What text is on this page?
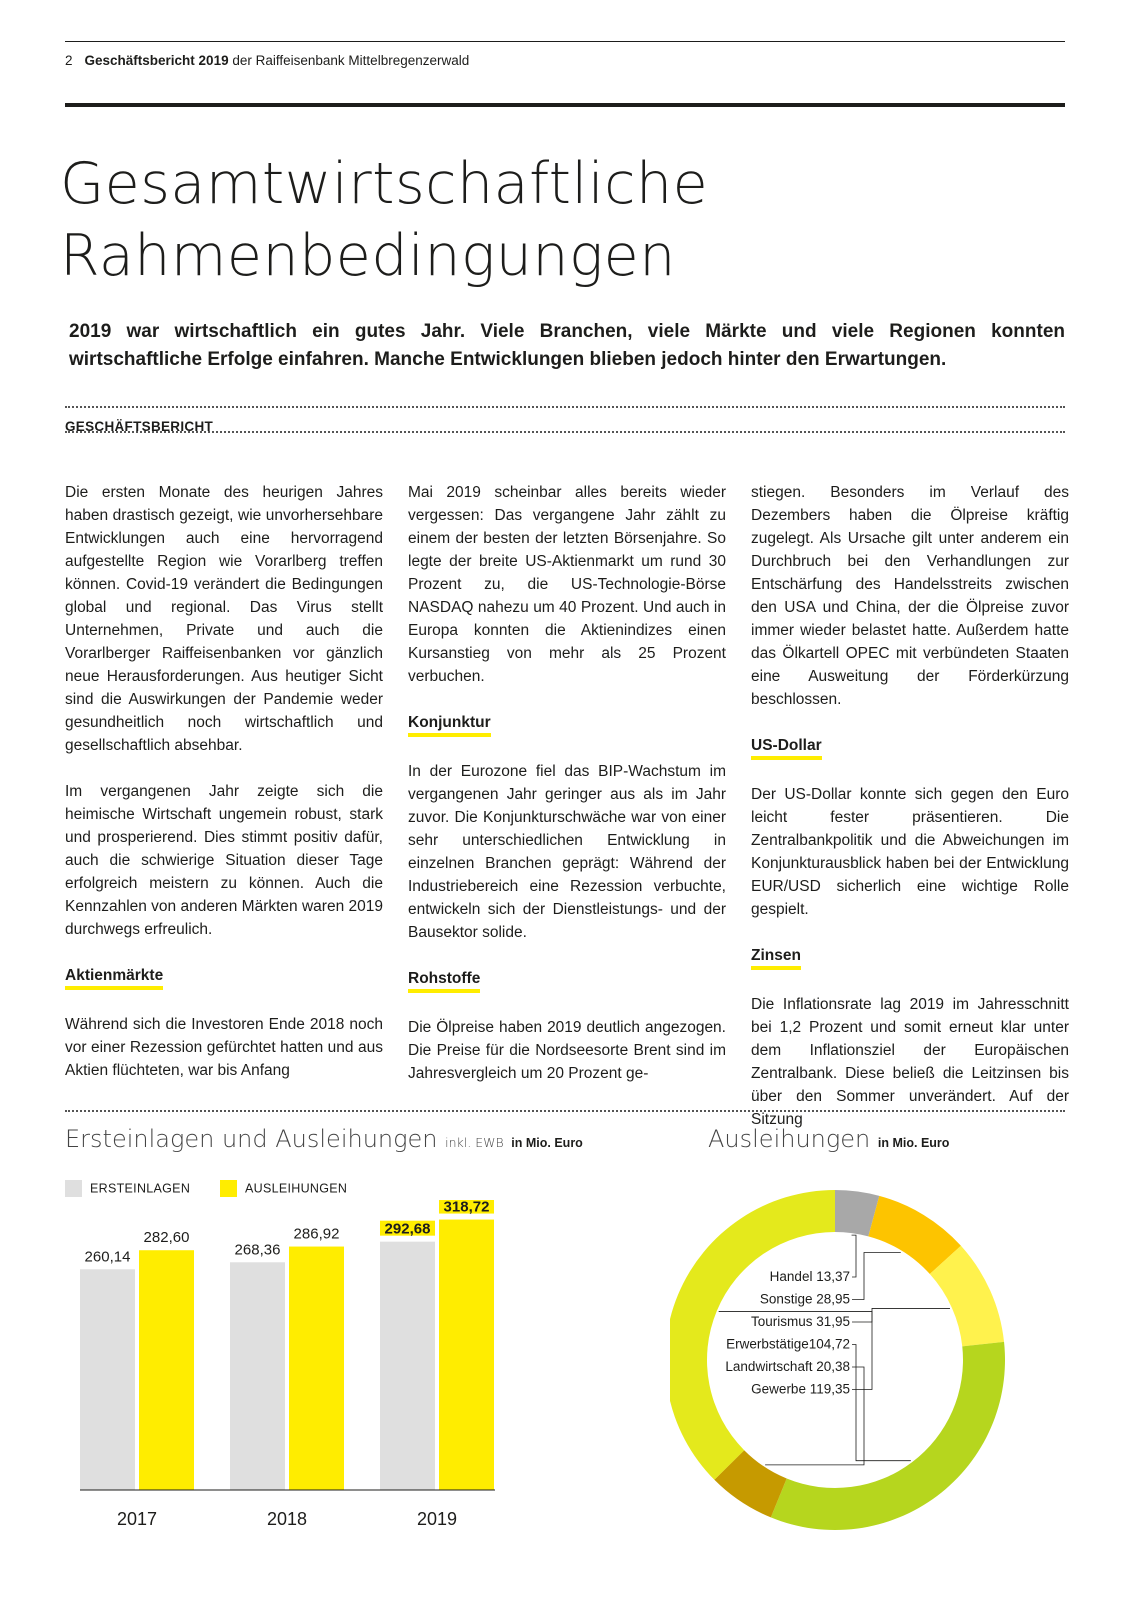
2 Geschäftsbericht 2019 der Raiffeisenbank Mittelbregenzerwald
Gesamtwirtschaftliche
Rahmenbedingungen
2019 war wirtschaftlich ein gutes Jahr. Viele Branchen, viele Märkte und viele Regionen konnten wirtschaftliche Erfolge einfahren. Manche Entwicklungen blieben jedoch hinter den Erwartungen.
GESCHÄFTSBERICHT

Die ersten Monate des heurigen Jahres haben drastisch gezeigt, wie unvorhersehbare Entwicklungen auch eine hervorragend aufgestellte Region wie Vorarlberg treffen können. Covid-19 verändert die Bedingungen global und regional. Das Virus stellt Unternehmen, Private und auch die Vorarlberger Raiffeisenbanken vor gänzlich neue Herausforderungen. Aus heutiger Sicht sind die Auswirkungen der Pandemie weder gesundheitlich noch wirtschaftlich und gesellschaftlich absehbar.

Im vergangenen Jahr zeigte sich die heimische Wirtschaft ungemein robust, stark und prosperierend. Dies stimmt positiv dafür, auch die schwierige Situation dieser Tage erfolgreich meistern zu können. Auch die Kennzahlen von anderen Märkten waren 2019 durchwegs erfreulich.

Aktienmärkte

Während sich die Investoren Ende 2018 noch vor einer Rezession gefürchtet hatten und aus Aktien flüchteten, war bis Anfang

Mai 2019 scheinbar alles bereits wieder vergessen: Das vergangene Jahr zählt zu einem der besten der letzten Börsenjahre. So legte der breite US-Aktienmarkt um rund 30 Prozent zu, die US-Technologie-Börse NASDAQ nahezu um 40 Prozent. Und auch in Europa konnten die Aktienindizes einen Kursanstieg von mehr als 25 Prozent verbuchen.

Konjunktur

In der Eurozone fiel das BIP-Wachstum im vergangenen Jahr geringer aus als im Jahr zuvor. Die Konjunkturschwäche war von einer sehr unterschiedlichen Entwicklung in einzelnen Branchen geprägt: Während der Industriebereich eine Rezession verbuchte, entwickeln sich der Dienstleistungs- und der Bausektor solide.

Rohstoffe

Die Ölpreise haben 2019 deutlich angezogen. Die Preise für die Nordseesorte Brent sind im Jahresvergleich um 20 Prozent ge-

stiegen. Besonders im Verlauf des Dezembers haben die Ölpreise kräftig zugelegt. Als Ursache gilt unter anderem ein Durchbruch bei den Verhandlungen zur Entschärfung des Handelsstreits zwischen den USA und China, der die Ölpreise zuvor immer wieder belastet hatte. Außerdem hatte das Ölkartell OPEC mit verbündeten Staaten eine Ausweitung der Förderkürzung beschlossen.

US-Dollar

Der US-Dollar konnte sich gegen den Euro leicht fester präsentieren. Die Zentralbankpolitik und die Abweichungen im Konjunkturausblick haben bei der Entwicklung EUR/USD sicherlich eine wichtige Rolle gespielt.

Zinsen

Die Inflationsrate lag 2019 im Jahresschnitt bei 1,2 Prozent und somit erneut klar unter dem Inflationsziel der Europäischen Zentralbank. Diese beließ die Leitzinsen bis über den Sommer unverändert. Auf der Sitzung

Ersteinlagen und Ausleihungen inkl. EWB in Mio. Euro	Ausleihungen in Mio. Euro
ERSTEINLAGEN	AUSLEIHUNGEN
260,14
282,60
2017
268,36
286,92
2018
292,68
318,72
2019
Handel 13,37
Sonstige 28,95
Tourismus 31,95
Erwerbstätige104,72
Landwirtschaft 20,38
Gewerbe 119,35
